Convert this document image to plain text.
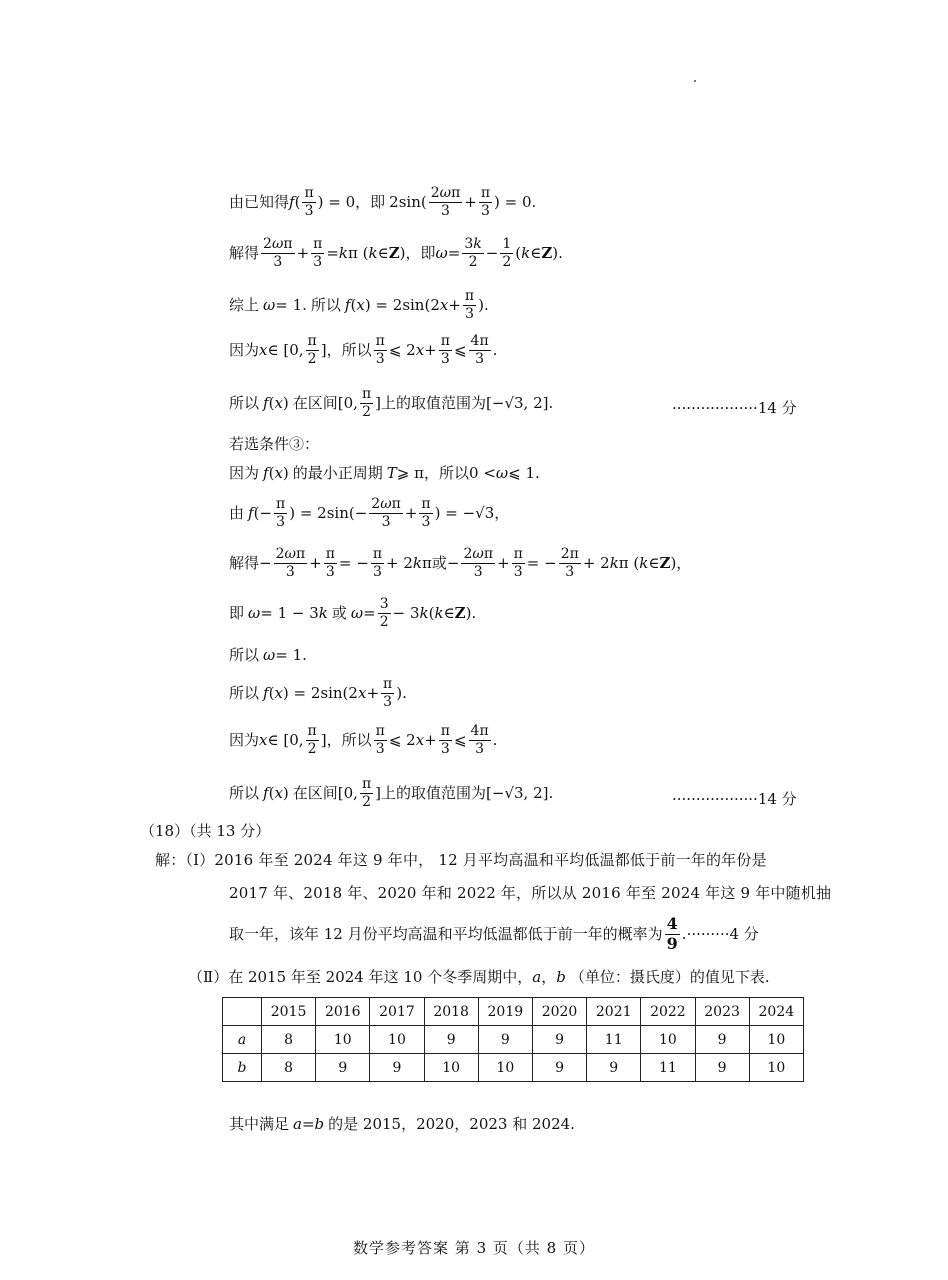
由已知得 f ( $\frac{\pi}{3}$ ) = 0 ，即 $2\sin( \frac{2\omega\pi}{3} + \frac{\pi}{3}$ ) = 0 .
解得 $\frac{2\omega\pi}{3} + \frac{\pi}{3} = k$ π ( k ∈ Z ) ，即 $\omega = \frac{3k}{2} - \frac{1}{2}$ ( k ∈ Z ) .
综上 ω = 1. 所以 f ( x ) = 2sin(2 $x + \frac{\pi}{3}$ ).
因为 x ∈ [0, $\frac{\pi}{2}$ ] ，所以 $\frac{\pi}{3}$ ⩽ 2 $x + \frac{\pi}{3}$ ⩽ $\frac{4\pi}{3}$ .
所以 f ( x ) 在区间 [0, $\frac{\pi}{2}$ ] 上的取值范围为 [−√3, 2].	··················14 分
若选条件③：
因为 f ( x ) 的最小正周期 T ⩾ π ，所以 0 < ω ⩽ 1.
由 f (− $\frac{\pi}{3}$ ) = $2\sin(- \frac{2\omega\pi}{3} + \frac{\pi}{3}$ ) = −√3，
解得 − $\frac{2\omega\pi}{3} + \frac{\pi}{3}$ = − $\frac{\pi}{3} + 2$ k π 或 − $\frac{2\omega\pi}{3} + \frac{\pi}{3}$ = − $\frac{2\pi}{3} + 2$ k π ( k ∈ Z )，
即 ω = 1 − 3 k 或 $\omega = \frac{3}{2} - 3$ k ( k ∈ Z ).
所以 ω = 1.
所以 f ( x ) = 2sin(2 $x + \frac{\pi}{3}$ ).
因为 x ∈ [0, $\frac{\pi}{2}$ ] ，所以 $\frac{\pi}{3}$ ⩽ 2 $x + \frac{\pi}{3}$ ⩽ $\frac{4\pi}{3}$ .
所以 f ( x ) 在区间 [0, $\frac{\pi}{2}$ ] 上的取值范围为 [−√3, 2].	··················14 分
（18）（共 13 分）
解：（Ⅰ）2016 年至 2024 年这 9 年中， 12 月平均高温和平均低温都低于前一年的年份是
2017 年、2018 年、2020 年和 2022 年，所以从 2016 年至 2024 年这 9 年中随机抽
取一年，该年 12 月份平均高温和平均低温都低于前一年的概率为 $\frac{4}{9}$ . ·········4 分
（Ⅱ）在 2015 年至 2024 年这 10 个冬季周期中， a ， b （单位：摄氏度）的值见下表.
	2015	2016	2017	2018	2019	2020	2021	2022	2023	2024
a	8	10	10	9	9	9	11	10	9	10
b	8	9	9	10	10	9	9	11	9	10
其中满足 a = b 的是 2015，2020，2023 和 2024.
数学参考答案 第 3 页（共 8 页）
